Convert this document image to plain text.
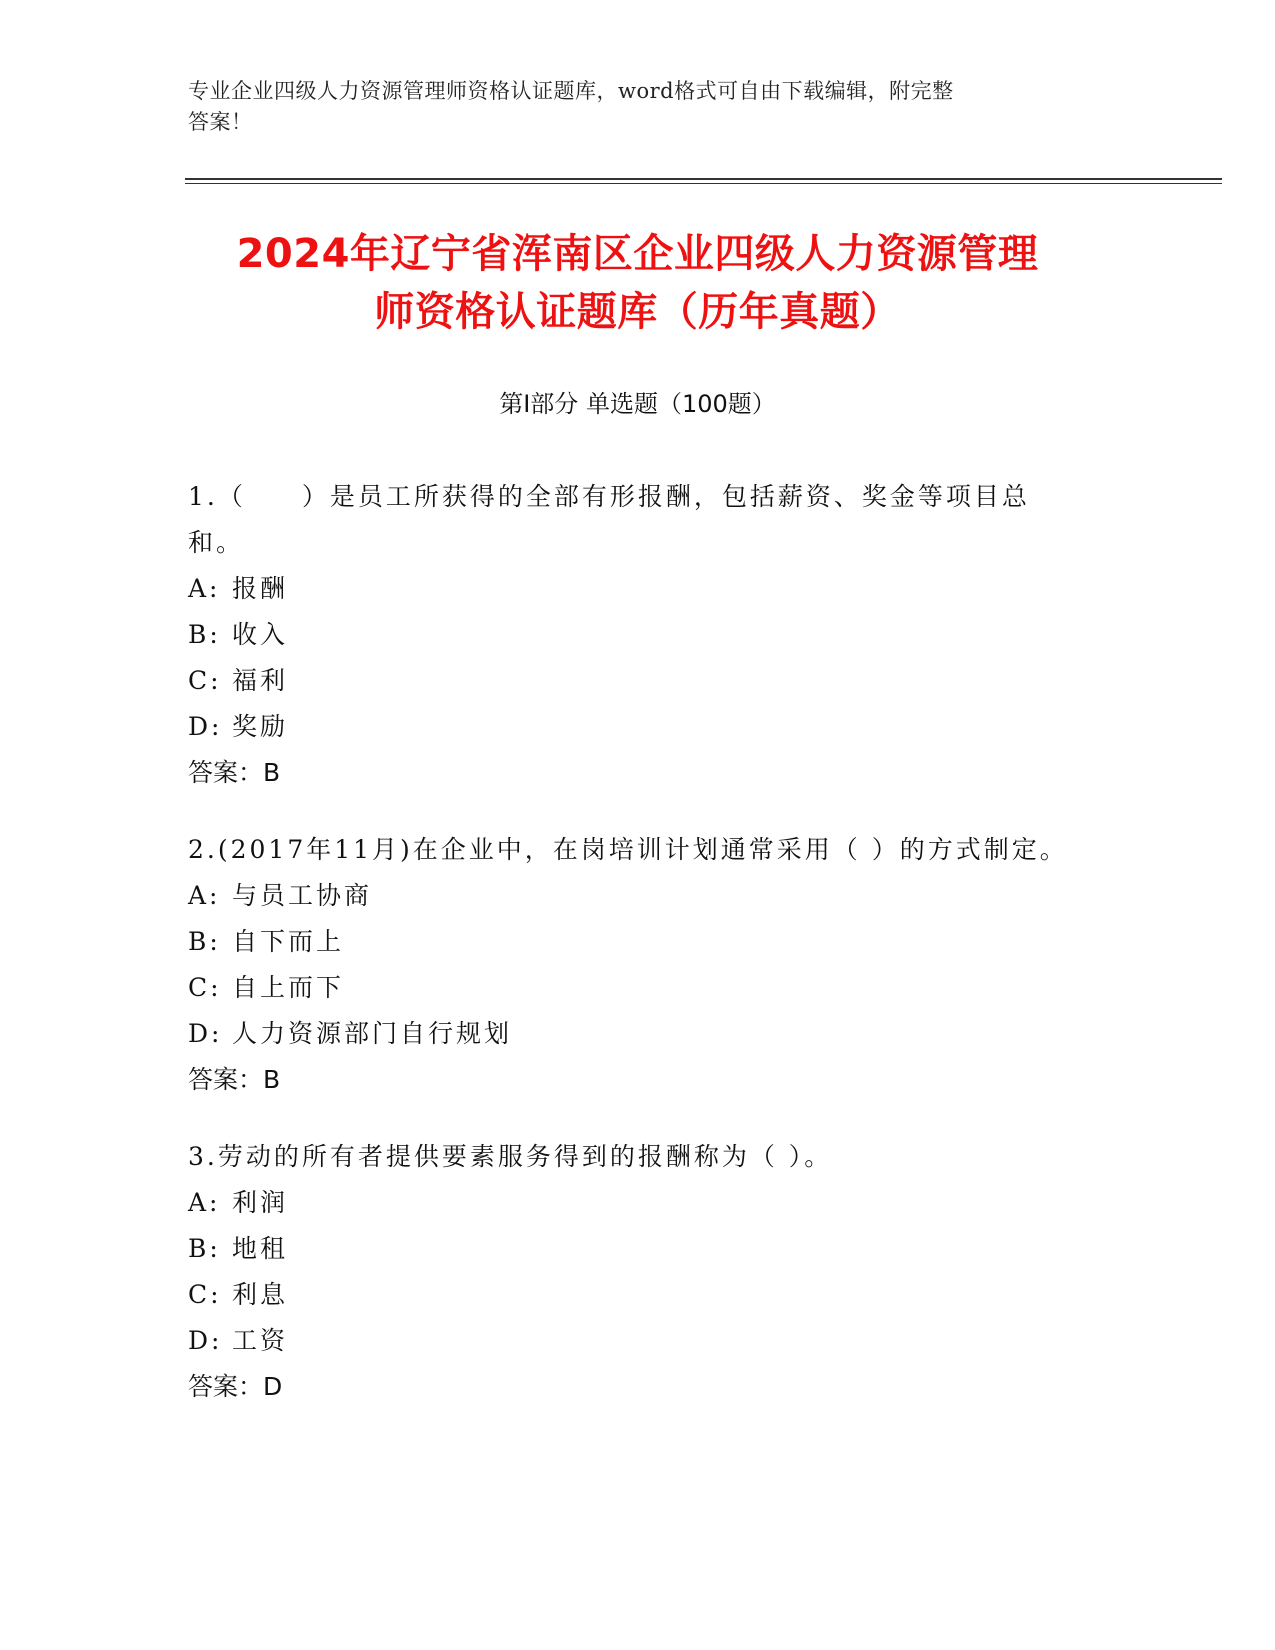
专业企业四级人力资源管理师资格认证题库，word格式可自由下载编辑，附完整
答案！
2024年辽宁省浑南区企业四级人力资源管理
师资格认证题库（历年真题）
第Ⅰ部分 单选题（100题）
1.（　　）是员工所获得的全部有形报酬，包括薪资、奖金等项目总和。
A: 报酬
B: 收入
C: 福利
D: 奖励
答案：B
2.(2017年11月)在企业中，在岗培训计划通常采用（ ）的方式制定。
A: 与员工协商
B: 自下而上
C: 自上而下
D: 人力资源部门自行规划
答案：B
3.劳动的所有者提供要素服务得到的报酬称为（ ）。
A: 利润
B: 地租
C: 利息
D: 工资
答案：D
